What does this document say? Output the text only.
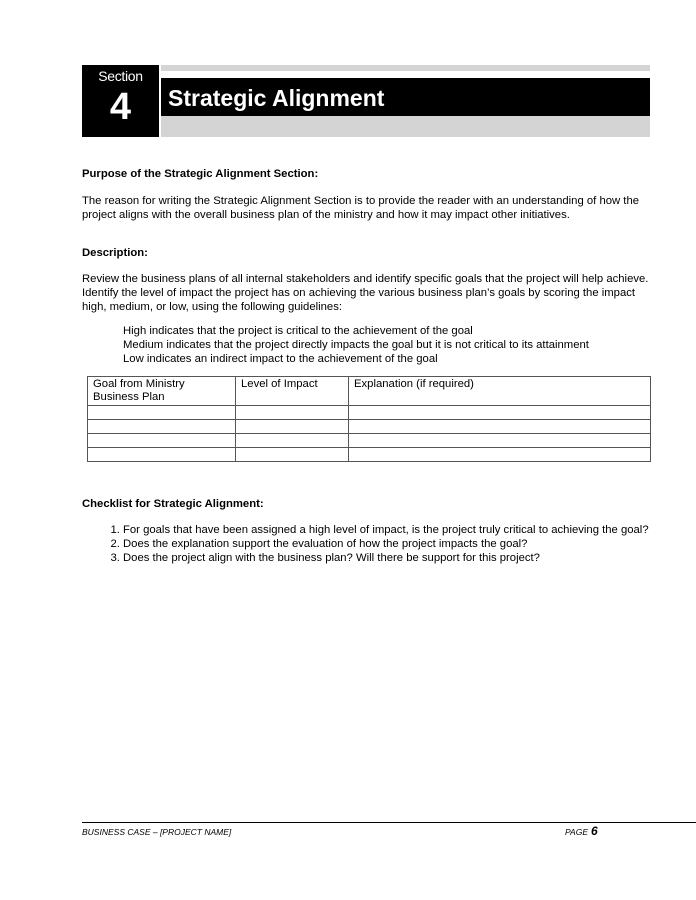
Section
4	Strategic Alignment
Purpose of the Strategic Alignment Section:
The reason for writing the Strategic Alignment Section is to provide the reader with an understanding of how the project aligns with the overall business plan of the ministry and how it may impact other initiatives.
Description:
Review the business plans of all internal stakeholders and identify specific goals that the project will help achieve. Identify the level of impact the project has on achieving the various business plan’s goals by scoring the impact high, medium, or low, using the following guidelines:
High indicates that the project is critical to the achievement of the goal
Medium indicates that the project directly impacts the goal but it is not critical to its attainment
Low indicates an indirect impact to the achievement of the goal
Goal from Ministry Business Plan	Level of Impact	Explanation (if required)

Checklist for Strategic Alignment:
1. For goals that have been assigned a high level of impact, is the project truly critical to achieving the goal?
2. Does the explanation support the evaluation of how the project impacts the goal?
3. Does the project align with the business plan? Will there be support for this project?
BUSINESS CASE – [PROJECT NAME]	PAGE 6
